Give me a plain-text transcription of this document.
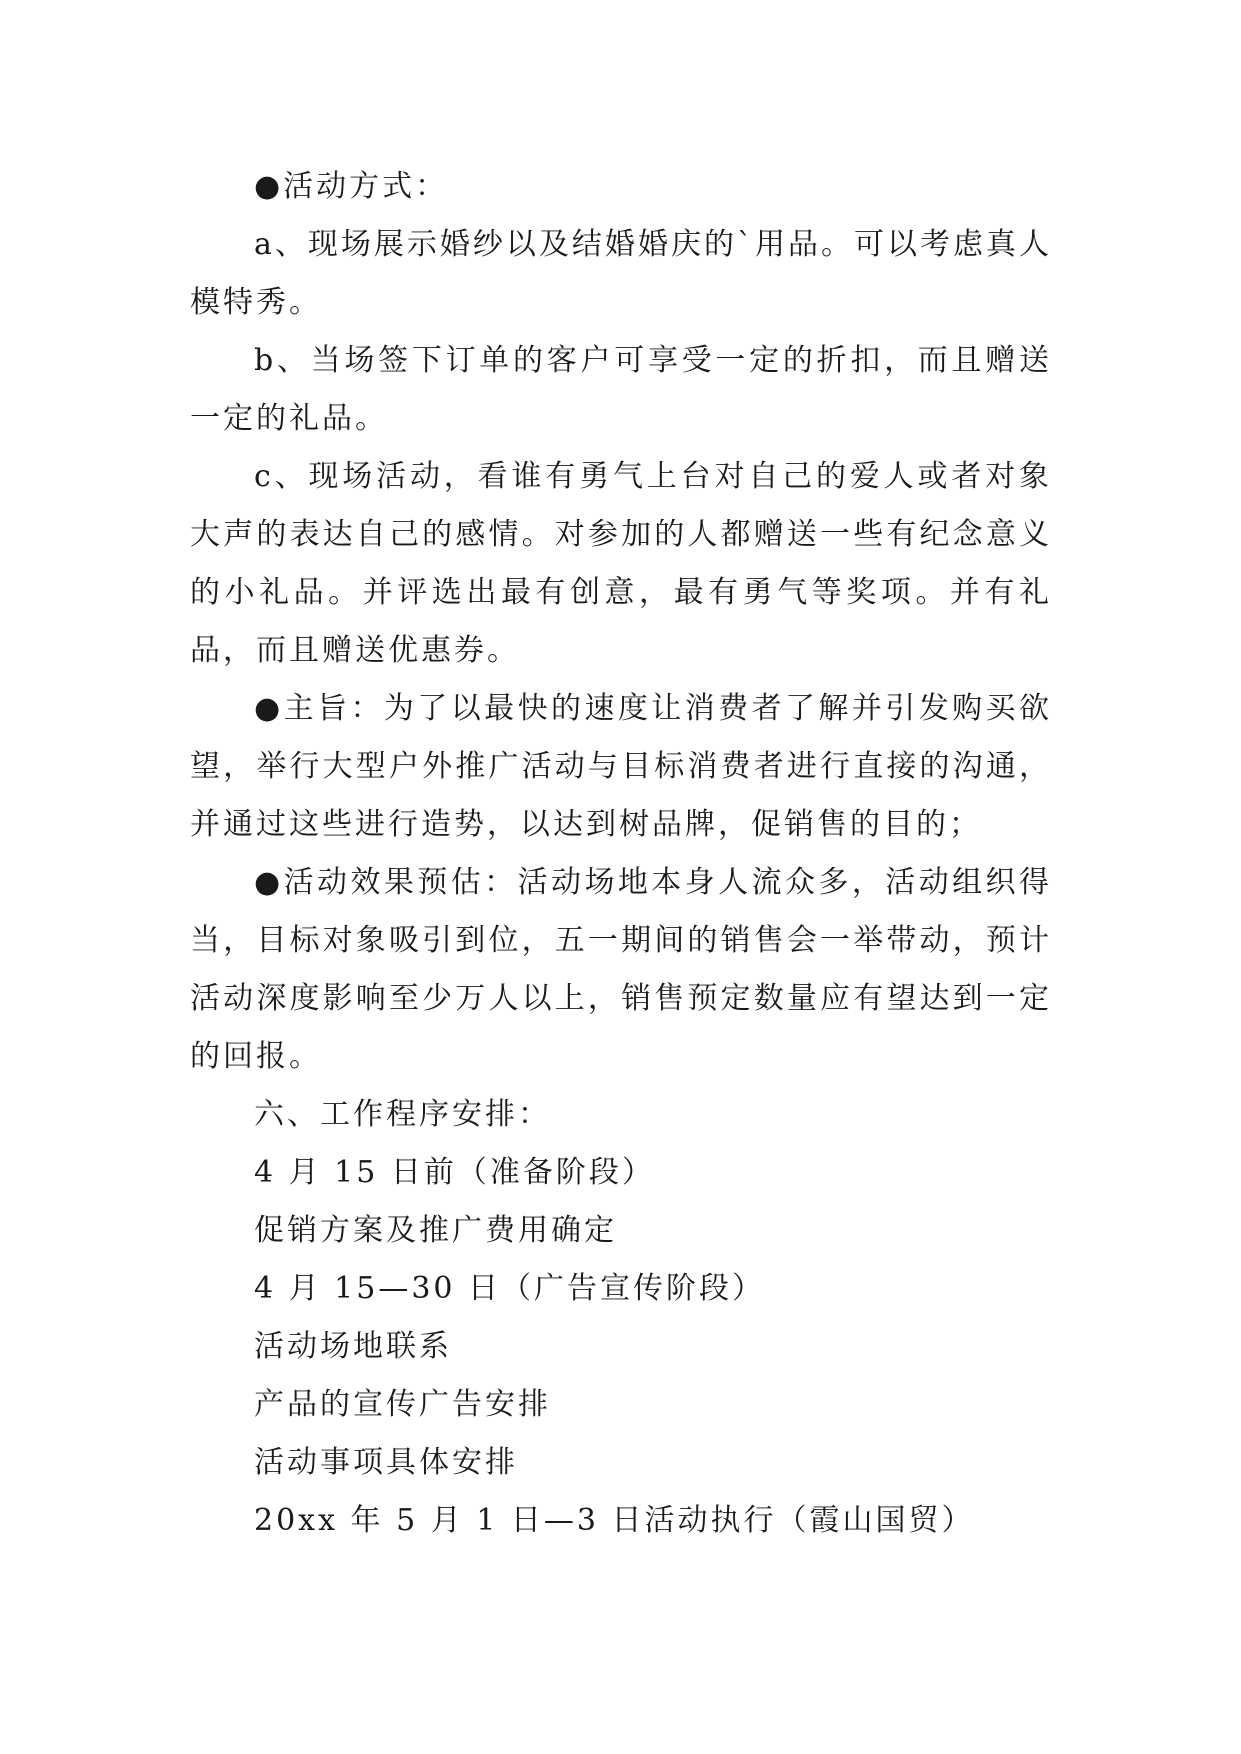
●活动方式：

a、现场展示婚纱以及结婚婚庆的`用品。可以考虑真人模特秀。

b、当场签下订单的客户可享受一定的折扣，而且赠送一定的礼品。

c、现场活动，看谁有勇气上台对自己的爱人或者对象大声的表达自己的感情。对参加的人都赠送一些有纪念意义的小礼品。并评选出最有创意，最有勇气等奖项。并有礼品，而且赠送优惠券。

●主旨：为了以最快的速度让消费者了解并引发购买欲望，举行大型户外推广活动与目标消费者进行直接的沟通，并通过这些进行造势，以达到树品牌，促销售的目的；

●活动效果预估：活动场地本身人流众多，活动组织得当，目标对象吸引到位，五一期间的销售会一举带动，预计活动深度影响至少万人以上，销售预定数量应有望达到一定的回报。

六、工作程序安排：

4 月 15 日前（准备阶段）

促销方案及推广费用确定

4 月 15—30 日（广告宣传阶段）

活动场地联系

产品的宣传广告安排

活动事项具体安排

20xx 年 5 月 1 日—3 日活动执行（霞山国贸）
